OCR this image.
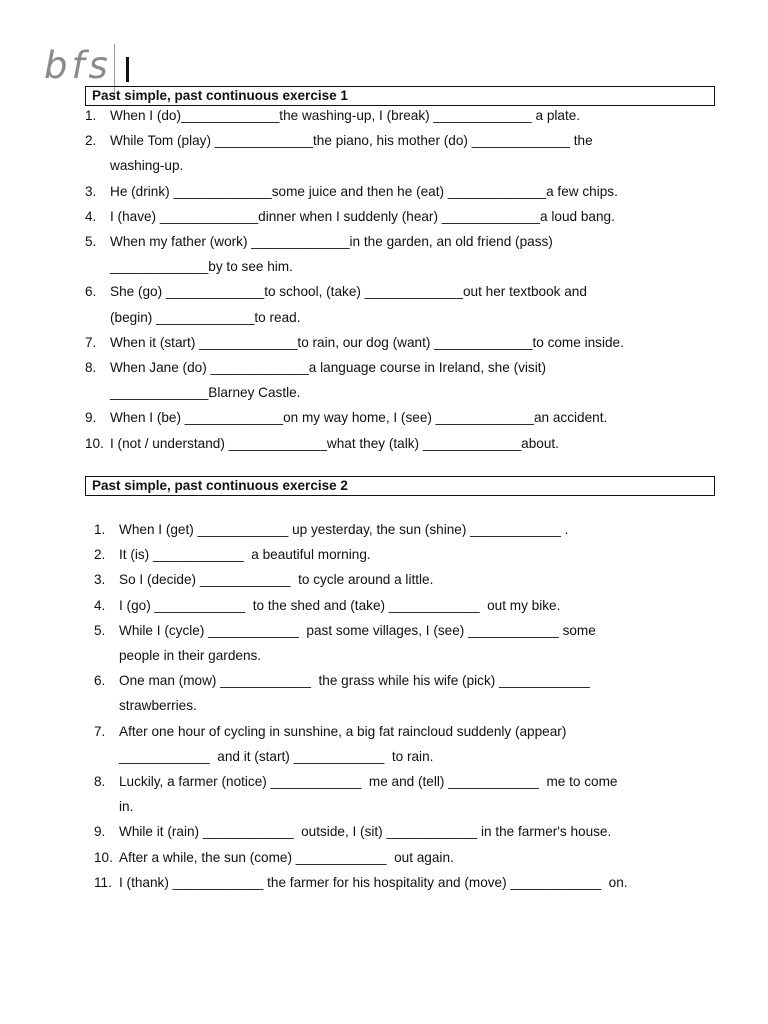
bfs
Past simple, past continuous exercise 1
1.	When I (do)_____________the washing-up, I (break) _____________ a plate.
2.	While Tom (play) _____________the piano, his mother (do) _____________ the
washing-up.
3.	He (drink) _____________some juice and then he (eat) _____________a few chips.
4.	I (have) _____________dinner when I suddenly (hear) _____________a loud bang.
5.	When my father (work) _____________in the garden, an old friend (pass)
_____________by to see him.
6.	She (go) _____________to school, (take) _____________out her textbook and
(begin) _____________to read.
7.	When it (start) _____________to rain, our dog (want) _____________to come inside.
8.	When Jane (do) _____________a language course in Ireland, she (visit)
_____________Blarney Castle.
9.	When I (be) _____________on my way home, I (see) _____________an accident.
10. I (not / understand) _____________what they (talk) _____________about.
Past simple, past continuous exercise 2
1.	When I (get) ____________ up yesterday, the sun (shine) ____________ .
2.	It (is) ____________  a beautiful morning.
3.	So I (decide) ____________  to cycle around a little.
4.	I (go) ____________  to the shed and (take) ____________  out my bike.
5.	While I (cycle) ____________  past some villages, I (see) ____________ some
people in their gardens.
6.	One man (mow) ____________  the grass while his wife (pick) ____________
strawberries.
7.	After one hour of cycling in sunshine, a big fat raincloud suddenly (appear)
____________  and it (start) ____________  to rain.
8.	Luckily, a farmer (notice) ____________  me and (tell) ____________  me to come
in.
9.	While it (rain) ____________  outside, I (sit) ____________ in the farmer's house.
10. After a while, the sun (come) ____________  out again.
11. I (thank) ____________ the farmer for his hospitality and (move) ____________  on.
